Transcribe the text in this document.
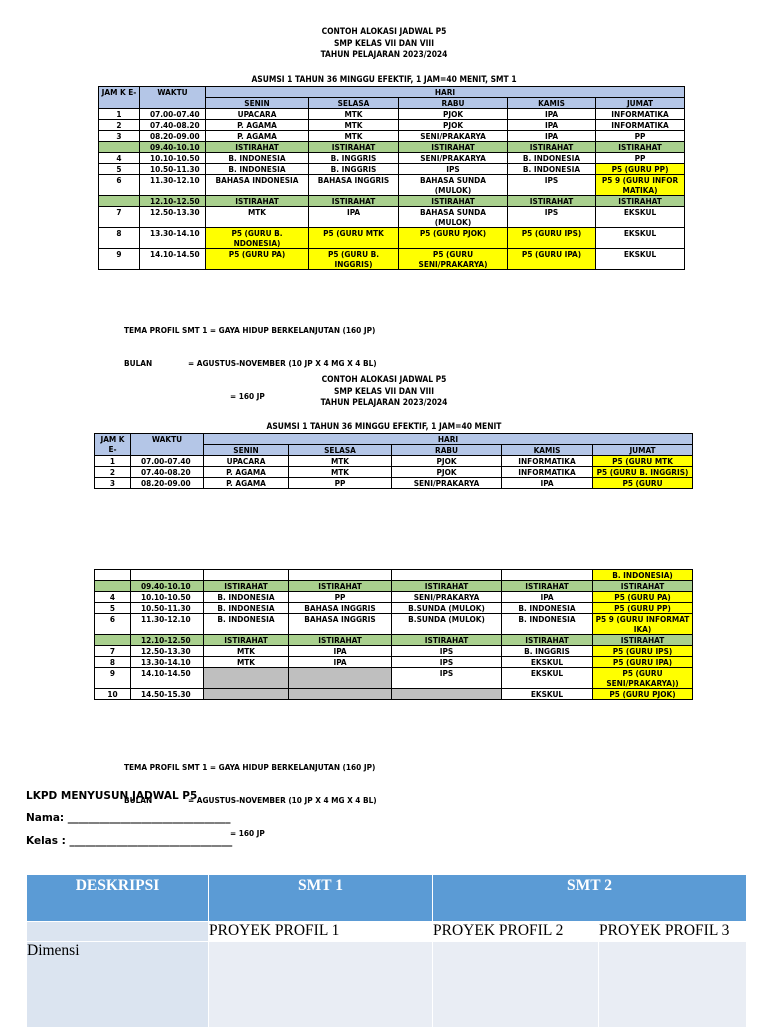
CONTOH ALOKASI JADWAL P5
SMP KELAS VII DAN VIII
TAHUN PELAJARAN 2023/2024
ASUMSI 1 TAHUN 36 MINGGU EFEKTIF, 1 JAM=40 MENIT, SMT 1
JAM K E-	WAKTU	HARI				
		SENIN	SELASA	RABU	KAMIS	JUMAT
1	07.00-07.40	UPACARA	MTK	PJOK	IPA	INFORMATIKA
2	07.40-08.20	P. AGAMA	MTK	PJOK	IPA	INFORMATIKA
3	08.20-09.00	P. AGAMA	MTK	SENI/PRAKARYA	IPA	PP
	09.40-10.10	ISTIRAHAT	ISTIRAHAT	ISTIRAHAT	ISTIRAHAT	ISTIRAHAT
4	10.10-10.50	B. INDONESIA	B. INGGRIS	SENI/PRAKARYA	B. INDONESIA	PP
5	10.50-11.30	B. INDONESIA	B. INGGRIS	IPS	B. INDONESIA	P5 (GURU PP)
6	11.30-12.10	BAHASA INDONESIA	BAHASA INGGRIS	BAHASA SUNDA (MULOK)	IPS	P5 9 (GURU INFOR MATIKA)
	12.10-12.50	ISTIRAHAT	ISTIRAHAT	ISTIRAHAT	ISTIRAHAT	ISTIRAHAT
7	12.50-13.30	MTK	IPA	BAHASA SUNDA (MULOK)	IPS	EKSKUL
8	13.30-14.10	P5 (GURU B. NDONESIA)	P5 (GURU MTK	P5 (GURU PJOK)	P5 (GURU IPS)	EKSKUL
9	14.10-14.50	P5 (GURU PA)	P5 (GURU B. INGGRIS)	P5 (GURU SENI/PRAKARYA)	P5 (GURU IPA)	EKSKUL

TEMA PROFIL SMT 1 = GAYA HIDUP BERKELANJUTAN (160 JP)

BULAN              = AGUSTUS-NOVEMBER (10 JP X 4 MG X 4 BL)

= 160 JP

CONTOH ALOKASI JADWAL P5
SMP KELAS VII DAN VIII
TAHUN PELAJARAN 2023/2024
ASUMSI 1 TAHUN 36 MINGGU EFEKTIF, 1 JAM=40 MENIT
JAM K E-	WAKTU	HARI				
		SENIN	SELASA	RABU	KAMIS	JUMAT
1	07.00-07.40	UPACARA	MTK	PJOK	INFORMATIKA	P5 (GURU MTK
2	07.40-08.20	P. AGAMA	MTK	PJOK	INFORMATIKA	P5 (GURU B. INGGRIS)
3	08.20-09.00	P. AGAMA	PP	SENI/PRAKARYA	IPA	P5 (GURU
						B. INDONESIA)
	09.40-10.10	ISTIRAHAT	ISTIRAHAT	ISTIRAHAT	ISTIRAHAT	ISTIRAHAT
4	10.10-10.50	B. INDONESIA	PP	SENI/PRAKARYA	IPA	P5 (GURU PA)
5	10.50-11.30	B. INDONESIA	BAHASA INGGRIS	B.SUNDA (MULOK)	B. INDONESIA	P5 (GURU PP)
6	11.30-12.10	B. INDONESIA	BAHASA INGGRIS	B.SUNDA (MULOK)	B. INDONESIA	P5 9 (GURU INFORMAT IKA)
	12.10-12.50	ISTIRAHAT	ISTIRAHAT	ISTIRAHAT	ISTIRAHAT	ISTIRAHAT
7	12.50-13.30	MTK	IPA	IPS	B. INGGRIS	P5 (GURU IPS)
8	13.30-14.10	MTK	IPA	IPS	EKSKUL	P5 (GURU IPA)
9	14.10-14.50			IPS	EKSKUL	P5 (GURU SENI/PRAKARYA))
10	14.50-15.30				EKSKUL	P5 (GURU PJOK)

TEMA PROFIL SMT 1 = GAYA HIDUP BERKELANJUTAN (160 JP)

BULAN              = AGUSTUS-NOVEMBER (10 JP X 4 MG X 4 BL)

= 160 JP

LKPD MENYUSUN JADWAL P5
Nama: _______________________________
Kelas : _______________________________
DESKRIPSI	SMT 1	SMT 2	
	PROYEK PROFIL 1	PROYEK PROFIL 2	PROYEK PROFIL 3
Dimensi			
